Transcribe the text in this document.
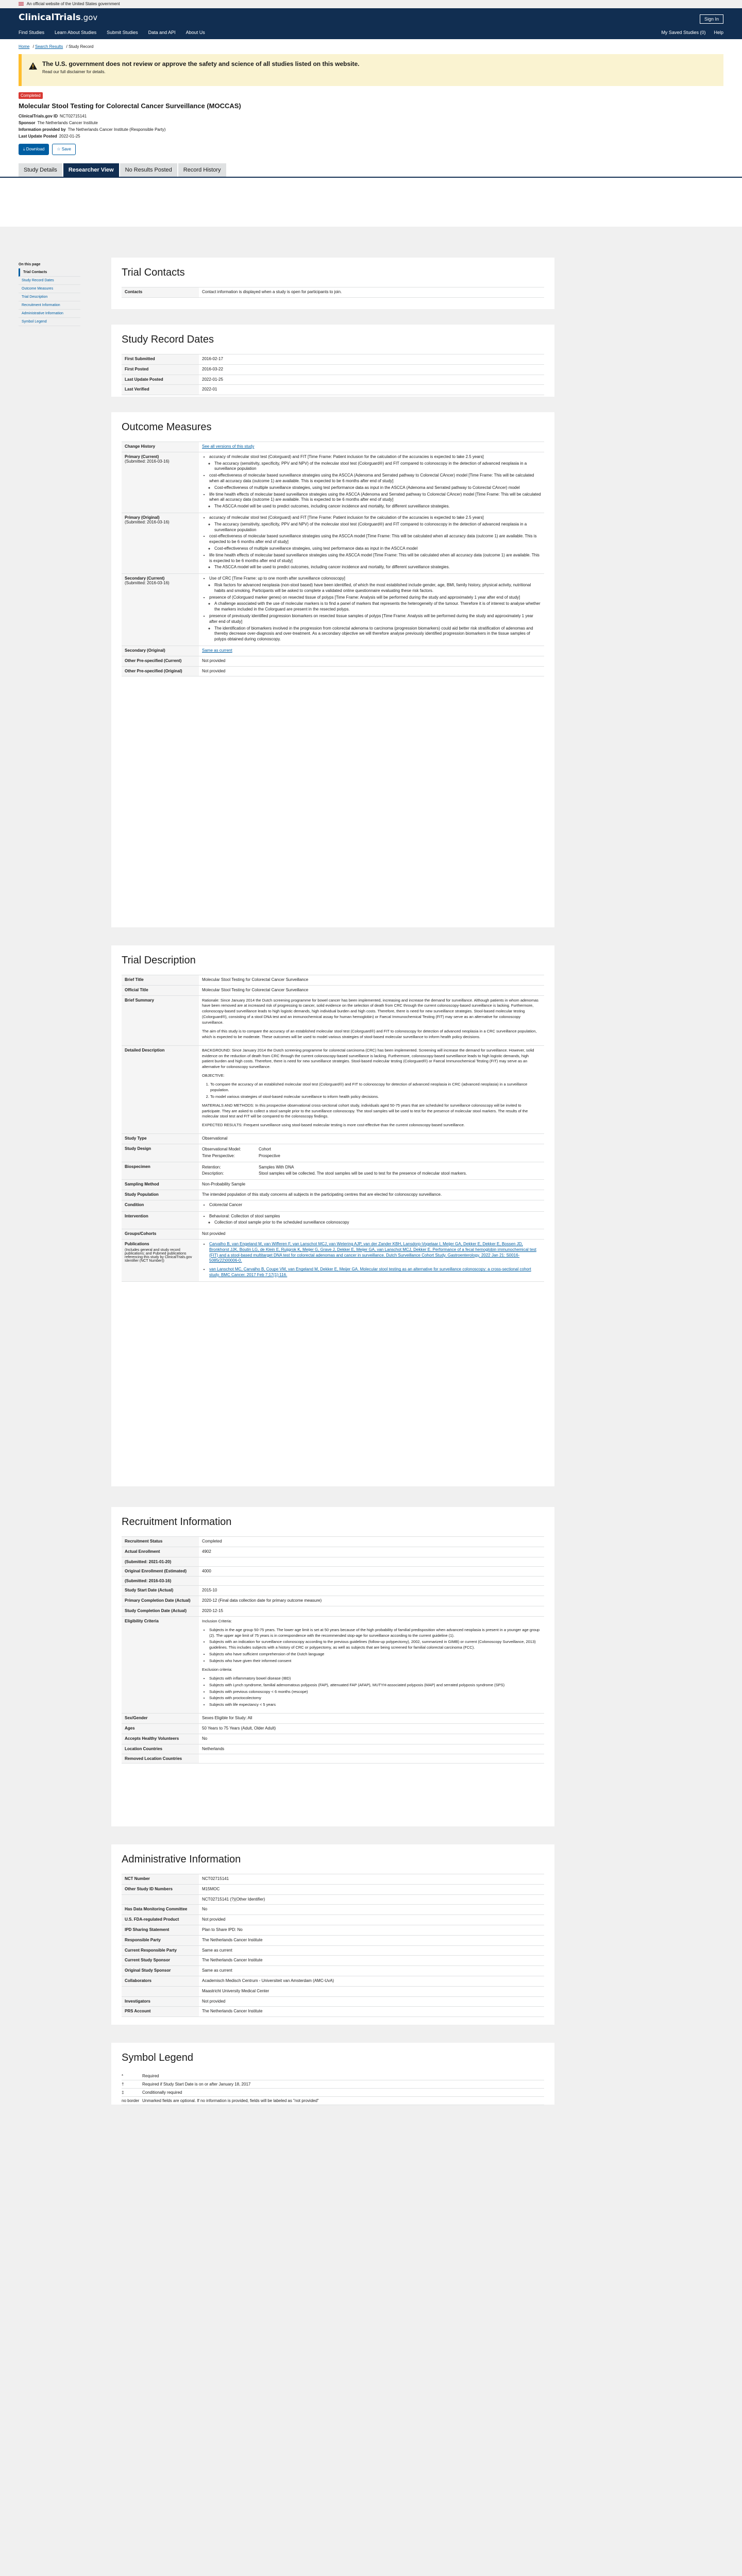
An official website of the United States government
ClinicalTrials.gov
Find Studies Learn About Studies Submit Studies Data and API About Us
Sign In
My Saved Studies (0) Help
Home / Search Results / Study Record
The U.S. government does not review or approve the safety and science of all studies listed on this website.

Read our full disclaimer for details.

Completed
Molecular Stool Testing for Colorectal Cancer Surveillance (MOCCAS)
ClinicalTrials.gov ID NCT02715141
Sponsor The Netherlands Cancer Institute
Information provided by The Netherlands Cancer Institute (Responsible Party)
Last Update Posted 2022-01-25
⤓ Download	☆ Save
Study Details	Researcher View	No Results Posted	Record History
On this page
Trial Contacts
Study Record Dates
Outcome Measures
Trial Description
Recruitment Information
Administrative Information
Symbol Legend
Trial Contacts
Contacts	Contact information is displayed when a study is open for participants to join.
Study Record Dates
First Submitted	2016-02-17
First Posted	2016-03-22
Last Update Posted	2022-01-25
Last Verified	2022-01
Outcome Measures
Change History	See all versions of this study
Primary (Current)
(Submitted: 2016-03-16)
• accuracy of molecular stool test (Colorguard) and FIT [Time Frame: Patient inclusion for the calculation of the accuracies is expected to take 2.5 years]
◦ The accuracy (sensitivity, specificity, PPV and NPV) of the molecular stool test (Colorguard®) and FIT compared to colonoscopy in the detection of advanced neoplasia in a surveillance population
• cost-effectiveness of molecular based surveillance strategies using the ASCCA (Adenoma and Serrated pathway to Colorectal CAncer) model [Time Frame: This will be calculated when all accuracy data (outcome 1) are available. This is expected to be 6 months after end of study]
◦ Cost-effectiveness of multiple surveillance strategies, using test performance data as input in the ASCCA (Adenoma and Serrated pathway to Colorectal CAncer) model
• life time health effects of molecular based surveillance strategies using the ASCCA (Adenoma and Serrated pathway to Colorectal CAncer) model [Time Frame: This will be calculated when all accuracy data (outcome 1) are available. This is expected to be 6 months after end of study]
◦ The ASCCA model will be used to predict outcomes, including cancer incidence and mortality, for different surveillance strategies.
Primary (Original)
(Submitted: 2016-03-16)
• accuracy of molecular stool test (Colorguard) and FIT [Time Frame: Patient inclusion for the calculation of the accuracies is expected to take 2.5 years]
◦ The accuracy (sensitivity, specificity, PPV and NPV) of the molecular stool test (Colorguard®) and FIT compared to colonoscopy in the detection of advanced neoplasia in a surveillance population
• cost-effectiveness of molecular based surveillance strategies using the ASCCA model [Time Frame: This will be calculated when all accuracy data (outcome 1) are available. This is expected to be 6 months after end of study]
◦ Cost-effectiveness of multiple surveillance strategies, using test performance data as input in the ASCCA model
• life time health effects of molecular based surveillance strategies using the ASCCA model [Time Frame: This will be calculated when all accuracy data (outcome 1) are available. This is expected to be 6 months after end of study]
◦ The ASCCA model will be used to predict outcomes, including cancer incidence and mortality, for different surveillance strategies.
Secondary (Current)
(Submitted: 2016-03-16)
• Use of CRC [Time Frame: up to one month after surveillance colonoscopy]
◦ Risk factors for advanced neoplasia (non-stool based) have been identified, of which the most established include gender, age, BMI, family history, physical activity, nutritional habits and smoking. Participants will be asked to complete a validated online questionnaire evaluating these risk factors.
• presence of (Colorguard marker genes) on resected tissue of polyps [Time Frame: Analysis will be performed during the study and approximately 1 year after end of study]
◦ A challenge associated with the use of molecular markers is to find a panel of markers that represents the heterogeneity of the tumour. Therefore it is of interest to analyse whether the markers included in the Colorguard are present in the resected polyps.
• presence of previously identified progression biomarkers on resected tissue samples of polyps [Time Frame: Analysis will be performed during the study and approximately 1 year after end of study]
◦ The identification of biomarkers involved in the progression from colorectal adenoma to carcinoma (progression biomarkers) could aid better risk stratification of adenomas and thereby decrease over-diagnosis and over-treatment. As a secondary objective we will therefore analyse previously identified progression biomarkers in the tissue samples of polyps obtained during colonoscopy.
Secondary (Original)	Same as current
Other Pre-specified (Current)	Not provided
Other Pre-specified (Original)	Not provided
Trial Description
Brief Title	Molecular Stool Testing for Colorectal Cancer Surveillance
Official Title	Molecular Stool Testing for Colorectal Cancer Surveillance
Brief Summary	Rationale: Since January 2014 the Dutch screening programme for bowel cancer has been implemented, increasing and increase the demand for surveillance. Although patients in whom adenomas have been removed are at increased risk of progressing to cancer, solid evidence on the selection of death from CRC through the current colonoscopy-based surveillance is lacking. Furthermore, colonoscopy-based surveillance leads to high logistic demands, high individual burden and high costs. Therefore, there is need for new surveillance strategies. Stool-based molecular testing (Colorguard®), consisting of a stool DNA test and an immunochemical assay for human hemoglobin) or Faecal Immunochemical Testing (FIT) may serve as an alternative for colonoscopy surveillance.

The aim of this study is to compare the accuracy of an established molecular stool test (Colorguard®) and FIT to colonoscopy for detection of advanced neoplasia in a CRC surveillance population, which is expected to be moderate. These outcomes will be used to model various strategies of stool-based molecular surveillance to inform health policy decisions.

Detailed Description	BACKGROUND: Since January 2014 the Dutch screening programme for colorectal carcinoma (CRC) has been implemented. Screening will increase the demand for surveillance. However, solid evidence on the reduction of death from CRC through the current colonoscopy-based surveillance is lacking. Furthermore, colonoscopy-based surveillance leads to high logistic demands, high patient burden and high costs. Therefore, there is need for new surveillance strategies. Stool-based molecular testing (Colorguard®) or Faecal Immunochemical Testing (FIT) may serve as an alternative for colonoscopy surveillance.

OBJECTIVE:

1. To compare the accuracy of an established molecular stool test (Colorguard®) and FIT to colonoscopy for detection of advanced neoplasia in CRC (advanced neoplasia) in a surveillance population.
2. To model various strategies of stool-based molecular surveillance to inform health policy decisions.

MATERIALS AND METHODS: In this prospective observational cross-sectional cohort study, individuals aged 50-75 years that are scheduled for surveillance colonoscopy will be invited to participate. They are asked to collect a stool sample prior to the surveillance colonoscopy. The stool samples will be used to test for the presence of molecular stool markers. The results of the molecular stool test and FIT will be compared to the colonoscopy findings.

EXPECTED RESULTS: Frequent surveillance using stool-based molecular testing is more cost-effective than the current colonoscopy-based surveillance.

Study Type	Observational
Study Design	Observational Model:	Cohort
Time Perspective:	Prospective
Biospecimen	Retention:	Samples With DNA
Description:	Stool samples will be collected. The stool samples will be used to test for the presence of molecular stool markers.
Sampling Method	Non-Probability Sample
Study Population	The intended population of this study concerns all subjects in the participating centres that are elected for colonoscopy surveillance.
Condition	• Colorectal Cancer
Intervention	• Behavioral: Collection of stool samples
◦ Collection of stool sample prior to the scheduled surveillance colonoscopy
Groups/Cohorts	Not provided
Publications
(Includes general and study record publications; and Pubmed publications referencing this study by ClinicalTrials.gov Identifier (NCT Number))
• Carvalho B, van Engeland M, van Wifferen F, van Lanschot MCJ, van Wetering AJP, van der Zander KBH, Lansdorp-Vogelaar I, Meijer GA, Dekker E, Dekker E, Bossen JD, Bronkhorst JJK, Boutin LG, de Klein E, Ruijgrok K, Meijer G, Grave J, Dekker E, Meijer GA, van Lanschot MCJ, Dekker E. Performance of a fecal hemoglobin immunochemical test (FIT) and a stool-based multitarget DNA test for colorectal adenomas and cancer in surveillance. Dutch Surveillance Cohort Study. Gastroenterology. 2022 Jan 21: S0016-5085(22)00006-0.
• van Lanschot MC, Carvalho B, Coupe VM, van Engeland M, Dekker E, Meijer GA. Molecular stool testing as an alternative for surveillance colonoscopy: a cross-sectional cohort study. BMC Cancer. 2017 Feb 7;17(1):116.
Recruitment Information
Recruitment Status	Completed
Actual Enrollment	4902
(Submitted: 2021-01-20)
Original Enrollment (Estimated)	4000
(Submitted: 2016-03-16)
Study Start Date (Actual)	2015-10
Primary Completion Date (Actual)	2020-12 (Final data collection date for primary outcome measure)
Study Completion Date (Actual)	2020-12-15
Eligibility Criteria	Inclusion Criteria:

• Subjects in the age group 50-75 years. The lower age limit is set at 50 years because of the high probability of familial predisposition when advanced neoplasia is present in a younger age group (2). The upper age limit of 75 years is in correspondence with the recommended stop-age for surveillance according to the current guideline (1).
• Subjects with an indication for surveillance colonoscopy according to the previous guidelines (follow-up polypectomy), 2002, summarized in GIMB) or current (Colonoscopy Surveillance, 2013) guidelines. This includes subjects with a history of CRC or polypectomy, as well as subjects that are being screened for familial colorectal carcinoma (FCC).
• Subjects who have sufficient comprehension of the Dutch language
• Subjects who have given their informed consent

Exclusion criteria:

• Subjects with inflammatory bowel disease (IBD)
• Subjects with Lynch syndrome, familial adenomatous polyposis (FAP), attenuated FAP (AFAP), MUTYH-associated polyposis (MAP) and serrated polyposis syndrome (SPS)
• Subjects with previous colonoscopy < 6 months (rescope)
• Subjects with proctocolectomy
• Subjects with life expectancy < 5 years
Sex/Gender	Sexes Eligible for Study: All
Ages	50 Years to 75 Years (Adult, Older Adult)
Accepts Healthy Volunteers	No
Location Countries	Netherlands
Removed Location Countries
Administrative Information
NCT Number	NCT02715141
Other Study ID Numbers	M15MOC
NCT02715141 (?)(Other Identifier)
Has Data Monitoring Committee	No
U.S. FDA-regulated Product	Not provided
IPD Sharing Statement	Plan to Share IPD: No
Responsible Party	The Netherlands Cancer Institute
Current Responsible Party	Same as current
Current Study Sponsor	The Netherlands Cancer Institute
Original Study Sponsor	Same as current
Collaborators	Academisch Medisch Centrum - Universiteit van Amsterdam (AMC-UvA)
Maastricht University Medical Center
Investigators	Not provided
PRS Account	The Netherlands Cancer Institute
Symbol Legend
*	Required
†	Required if Study Start Date is on or after January 18, 2017
‡	Conditionally required
no border Unmarked fields are optional. If no information is provided, fields will be labeled as "not provided"
